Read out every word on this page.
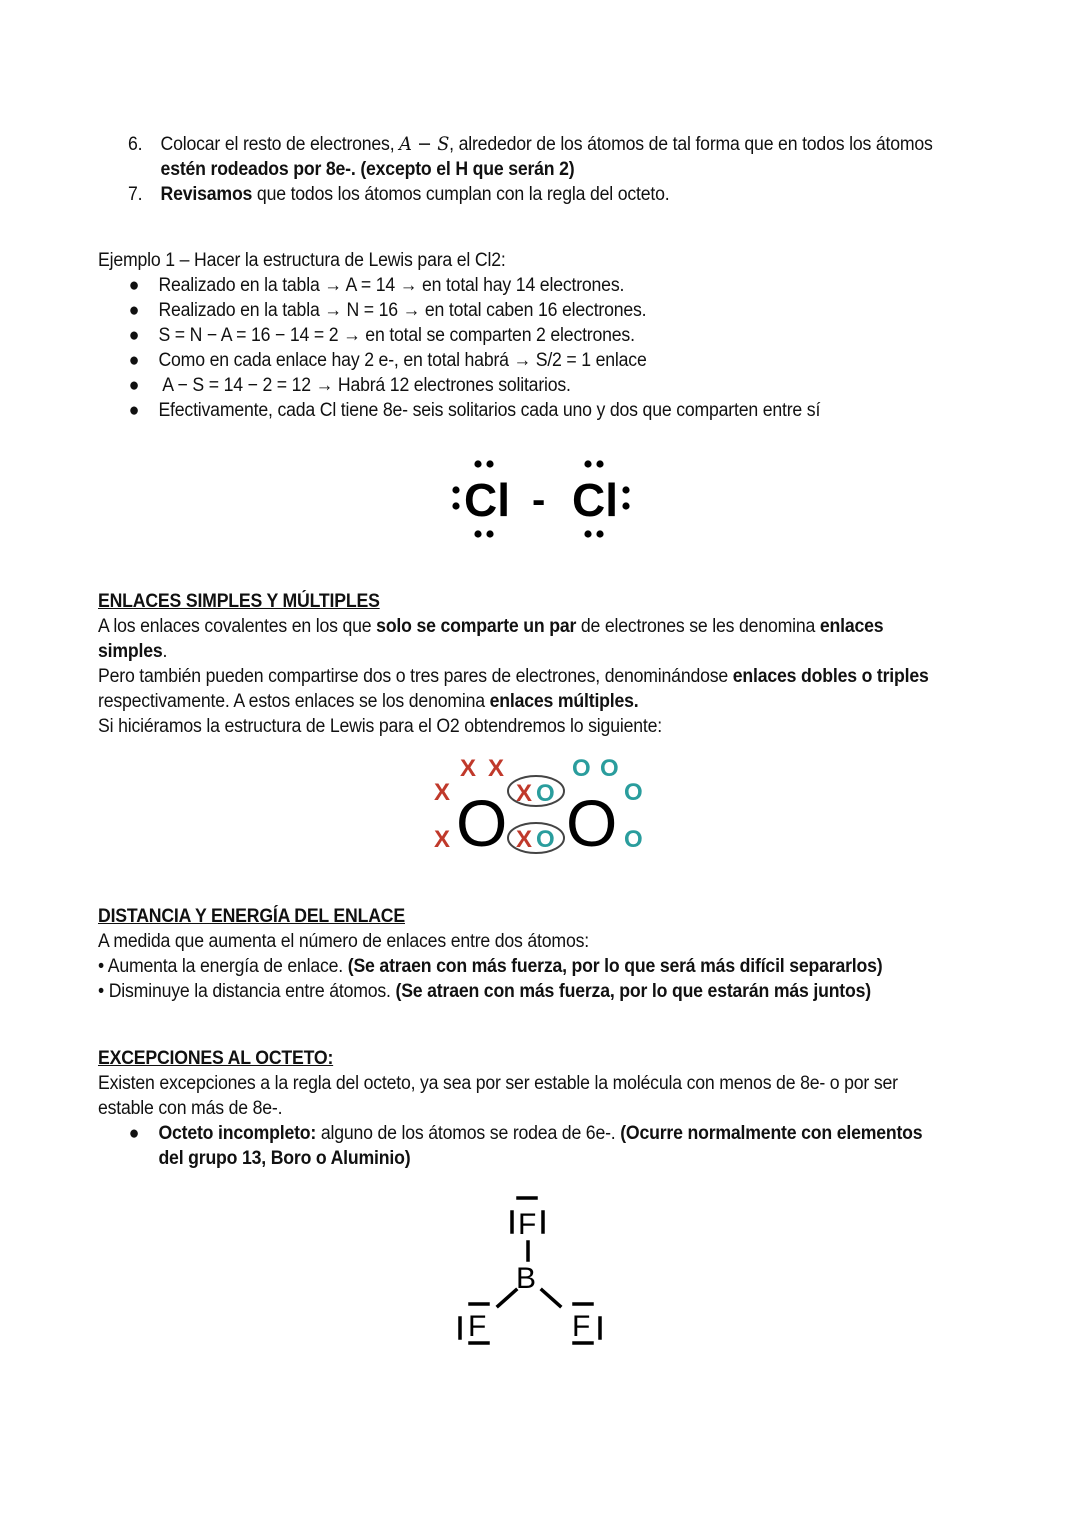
6. Colocar el resto de electrones, A − S, alrededor de los átomos de tal forma que en todos los átomos
estén rodeados por 8e-. (excepto el H que serán 2)
7. Revisamos que todos los átomos cumplan con la regla del octeto.
Ejemplo 1 – Hacer la estructura de Lewis para el Cl2:
● Realizado en la tabla → A = 14 → en total hay 14 electrones.
● Realizado en la tabla → N = 16 → en total caben 16 electrones.
● S = N − A = 16 − 14 = 2 → en total se comparten 2 electrones.
● Como en cada enlace hay 2 e-, en total habrá → S/2 = 1 enlace
● A − S = 14 − 2 = 12 → Habrá 12 electrones solitarios.
● Efectivamente, cada Cl tiene 8e- seis solitarios cada uno y dos que comparten entre sí
Cl - Cl
ENLACES SIMPLES Y MÚLTIPLES
A los enlaces covalentes en los que solo se comparte un par de electrones se les denomina enlaces
simples.
Pero también pueden compartirse dos o tres pares de electrones, denominándose enlaces dobles o triples
respectivamente. A estos enlaces se los denomina enlaces múltiples.
Si hiciéramos la estructura de Lewis para el O2 obtendremos lo siguiente:
X X
X
X
X
X
O O
O
O
O
O
O O
DISTANCIA Y ENERGÍA DEL ENLACE
A medida que aumenta el número de enlaces entre dos átomos:
• Aumenta la energía de enlace. (Se atraen con más fuerza, por lo que será más difícil separarlos)
• Disminuye la distancia entre átomos. (Se atraen con más fuerza, por lo que estarán más juntos)
EXCEPCIONES AL OCTETO:
Existen excepciones a la regla del octeto, ya sea por ser estable la molécula con menos de 8e- o por ser
estable con más de 8e-.
● Octeto incompleto: alguno de los átomos se rodea de 6e-. (Ocurre normalmente con elementos
del grupo 13, Boro o Aluminio)
F
B
F	F
